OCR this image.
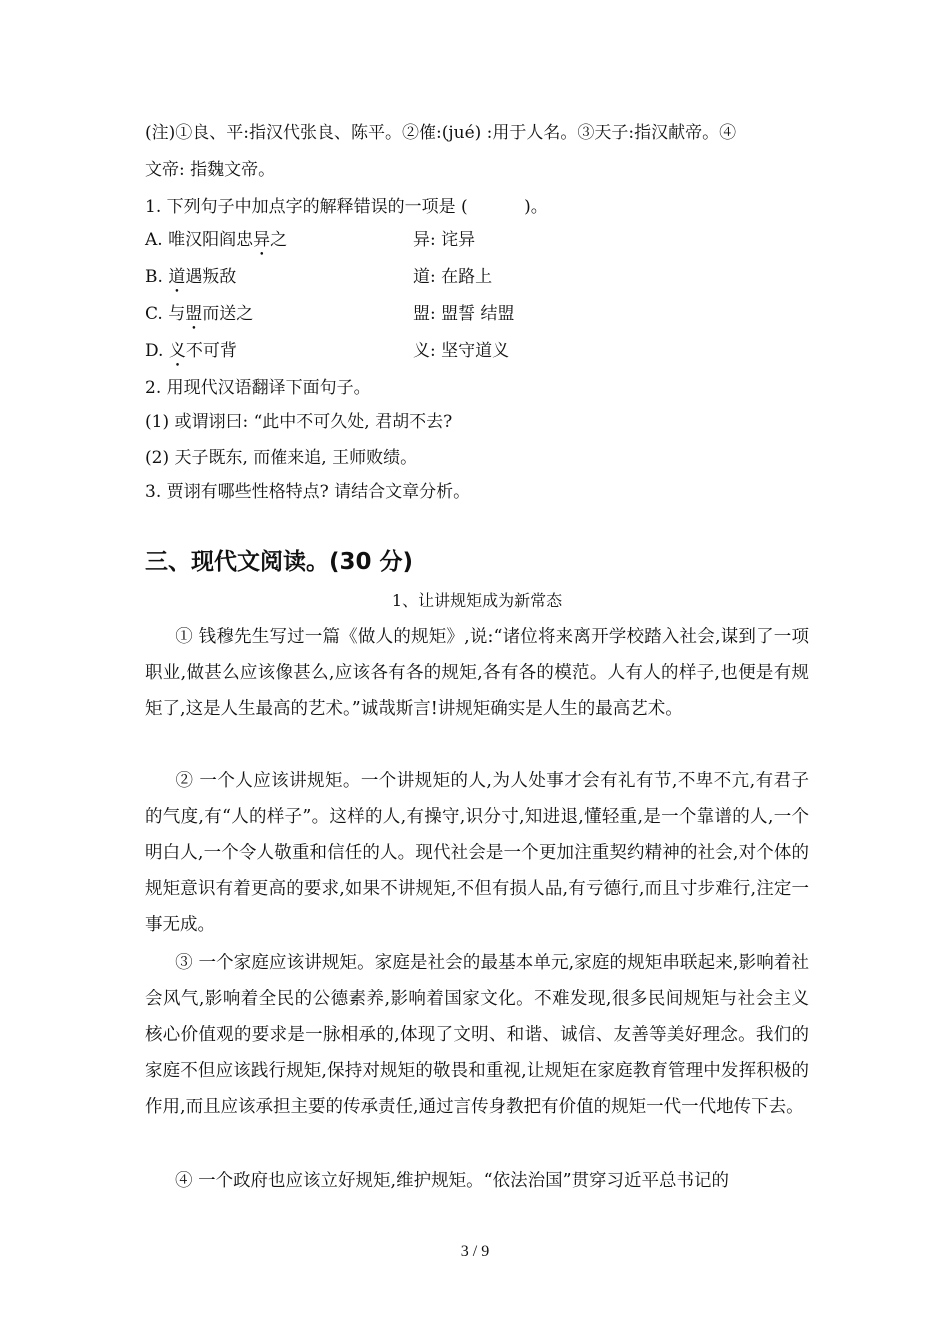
(注)①良、平:指汉代张良、陈平。②傕:(jué) :用于人名。③天子:指汉献帝。④
文帝: 指魏文帝。
1. 下列句子中加点字的解释错误的一项是 (　　　 )。
A. 唯汉阳阎忠异之	异: 诧异
B. 道遇叛敌	道: 在路上
C. 与盟而送之	盟: 盟誓 结盟
D. 义不可背	义: 坚守道义
2. 用现代汉语翻译下面句子。
(1) 或谓诩曰: “此中不可久处, 君胡不去?
(2) 天子既东, 而傕来追, 王师败绩。
3. 贾诩有哪些性格特点? 请结合文章分析。
三、现代文阅读。(30 分)
1、让讲规矩成为新常态
① 钱穆先生写过一篇《做人的规矩》,说:“诸位将来离开学校踏入社会,谋到了一项职业,做甚么应该像甚么,应该各有各的规矩,各有各的模范。人有人的样子,也便是有规矩了,这是人生最高的艺术。”诚哉斯言!讲规矩确实是人生的最高艺术。
② 一个人应该讲规矩。一个讲规矩的人,为人处事才会有礼有节,不卑不亢,有君子的气度,有“人的样子”。这样的人,有操守,识分寸,知进退,懂轻重,是一个靠谱的人,一个明白人,一个令人敬重和信任的人。现代社会是一个更加注重契约精神的社会,对个体的规矩意识有着更高的要求,如果不讲规矩,不但有损人品,有亏德行,而且寸步难行,注定一事无成。
③ 一个家庭应该讲规矩。家庭是社会的最基本单元,家庭的规矩串联起来,影响着社会风气,影响着全民的公德素养,影响着国家文化。不难发现,很多民间规矩与社会主义核心价值观的要求是一脉相承的,体现了文明、和谐、诚信、友善等美好理念。我们的家庭不但应该践行规矩,保持对规矩的敬畏和重视,让规矩在家庭教育管理中发挥积极的作用,而且应该承担主要的传承责任,通过言传身教把有价值的规矩一代一代地传下去。
④ 一个政府也应该立好规矩,维护规矩。“依法治国”贯穿习近平总书记的
3 / 9
